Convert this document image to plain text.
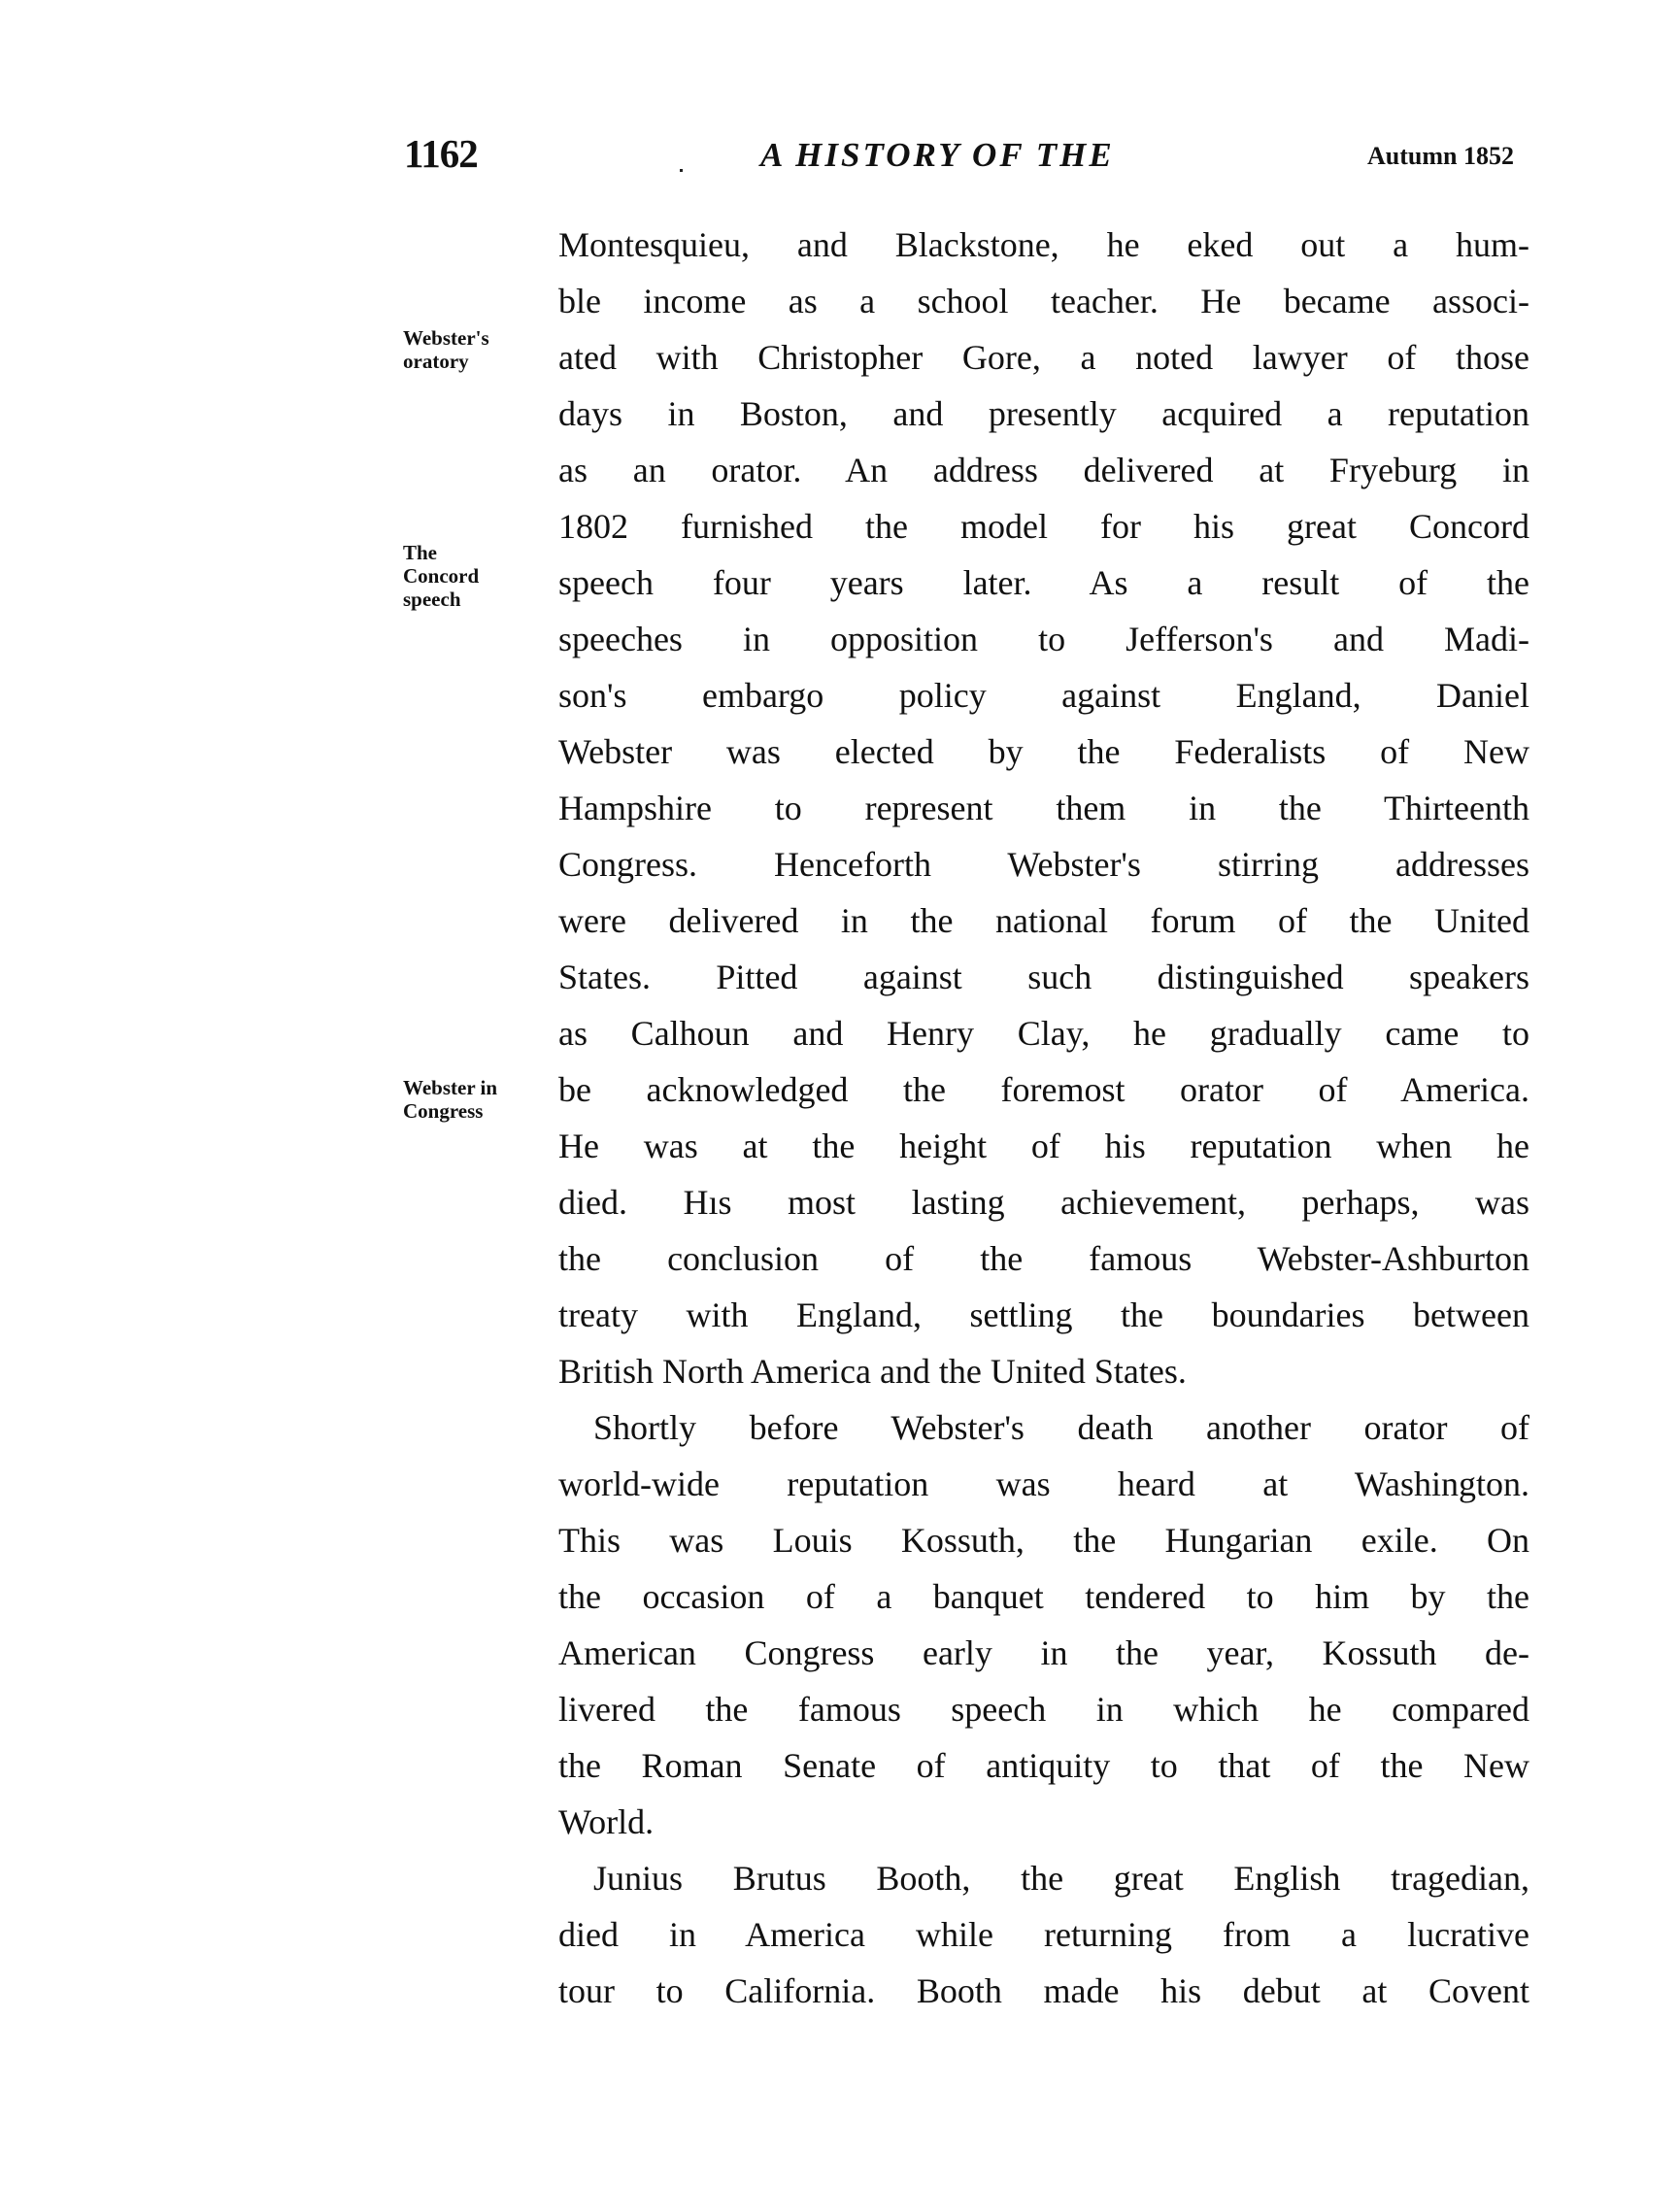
1162	A HISTORY OF THE	Autumn 1852
Webster's
oratory
The
Concord
speech
Webster in
Congress
Montesquieu, and Blackstone, he eked out a hum-
ble income as a school teacher. He became associ-
ated with Christopher Gore, a noted lawyer of those
days in Boston, and presently acquired a reputation
as an orator. An address delivered at Fryeburg in
1802 furnished the model for his great Concord
speech four years later. As a result of the
speeches in opposition to Jefferson's and Madi-
son's embargo policy against England, Daniel
Webster was elected by the Federalists of New
Hampshire to represent them in the Thirteenth
Congress. Henceforth Webster's stirring addresses
were delivered in the national forum of the United
States. Pitted against such distinguished speakers
as Calhoun and Henry Clay, he gradually came to
be acknowledged the foremost orator of America.
He was at the height of his reputation when he
died. Hıs most lasting achievement, perhaps, was
the conclusion of the famous Webster-Ashburton
treaty with England, settling the boundaries between
British North America and the United States.
Shortly before Webster's death another orator of
world-wide reputation was heard at Washington.
This was Louis Kossuth, the Hungarian exile. On
the occasion of a banquet tendered to him by the
American Congress early in the year, Kossuth de-
livered the famous speech in which he compared
the Roman Senate of antiquity to that of the New
World.
Junius Brutus Booth, the great English tragedian,
died in America while returning from a lucrative
tour to California. Booth made his debut at Covent
